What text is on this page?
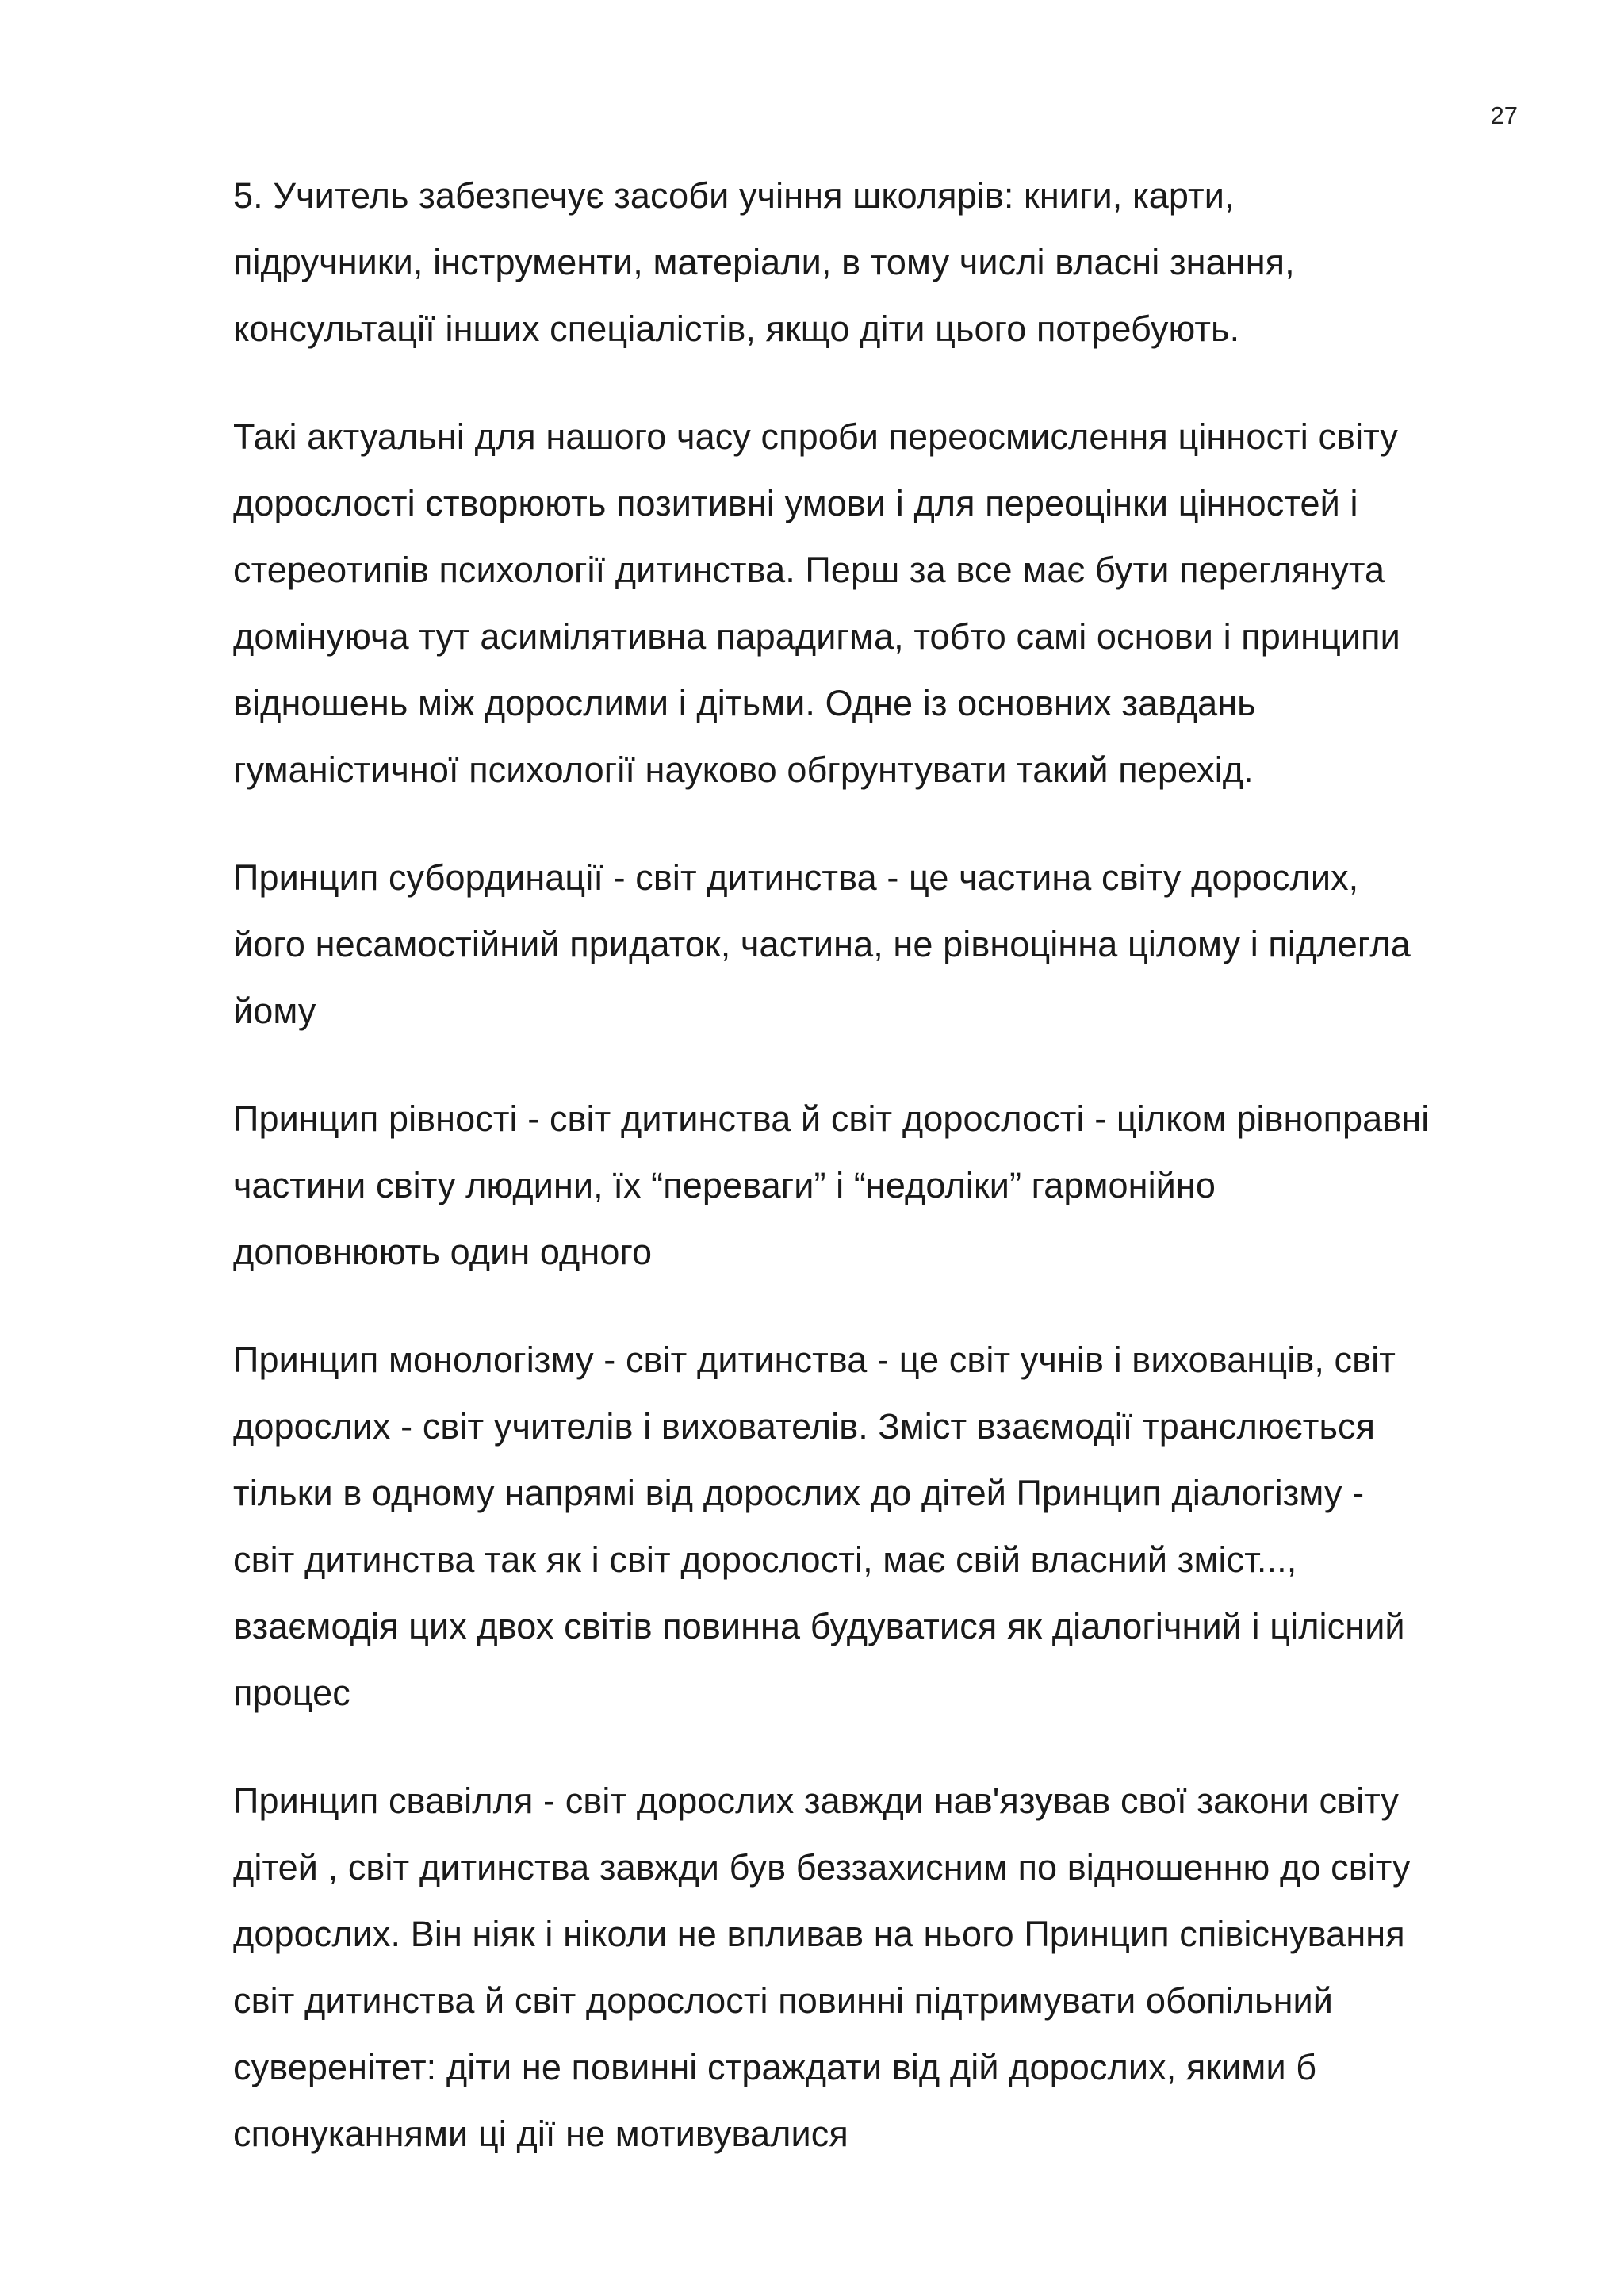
27

5. Учитель забезпечує засоби учіння школярів: книги, карти,
підручники, інструменти, матеріали, в тому числі власні знання,
консультації інших спеціалістів, якщо діти цього потребують.

Такі актуальні для нашого часу спроби переосмислення цінності світу
дорослості створюють позитивні умови і для переоцінки цінностей і
стереотипів психології дитинства. Перш за все має бути переглянута
домінуюча тут асимілятивна парадигма, тобто самі основи і принципи
відношень між дорослими і дітьми. Одне із основних завдань
гуманістичної психології науково обгрунтувати такий перехід.

Принцип субординації - світ дитинства - це частина світу дорослих,
його несамостійний придаток, частина, не рівноцінна цілому і підлегла
йому

Принцип рівності - світ дитинства й світ дорослості - цілком рівноправні
частини світу людини, їх “переваги” і “недоліки” гармонійно
доповнюють один одного

Принцип монологізму - світ дитинства - це світ учнів і вихованців, світ
дорослих - світ учителів і вихователів. Зміст взаємодії транслюється
тільки в одному напрямі від дорослих до дітей Принцип діалогізму -
світ дитинства так як і світ дорослості, має свій власний зміст...,
взаємодія цих двох світів повинна будуватися як діалогічний і цілісний
процес

Принцип свавілля - світ дорослих завжди нав'язував свої закони світу
дітей , світ дитинства завжди був беззахисним по відношенню до світу
дорослих. Він ніяк і ніколи не впливав на нього Принцип співіснування
світ дитинства й світ дорослості повинні підтримувати обопільний
суверенітет: діти не повинні страждати від дій дорослих, якими б
спонуканнями ці дії не мотивувалися
